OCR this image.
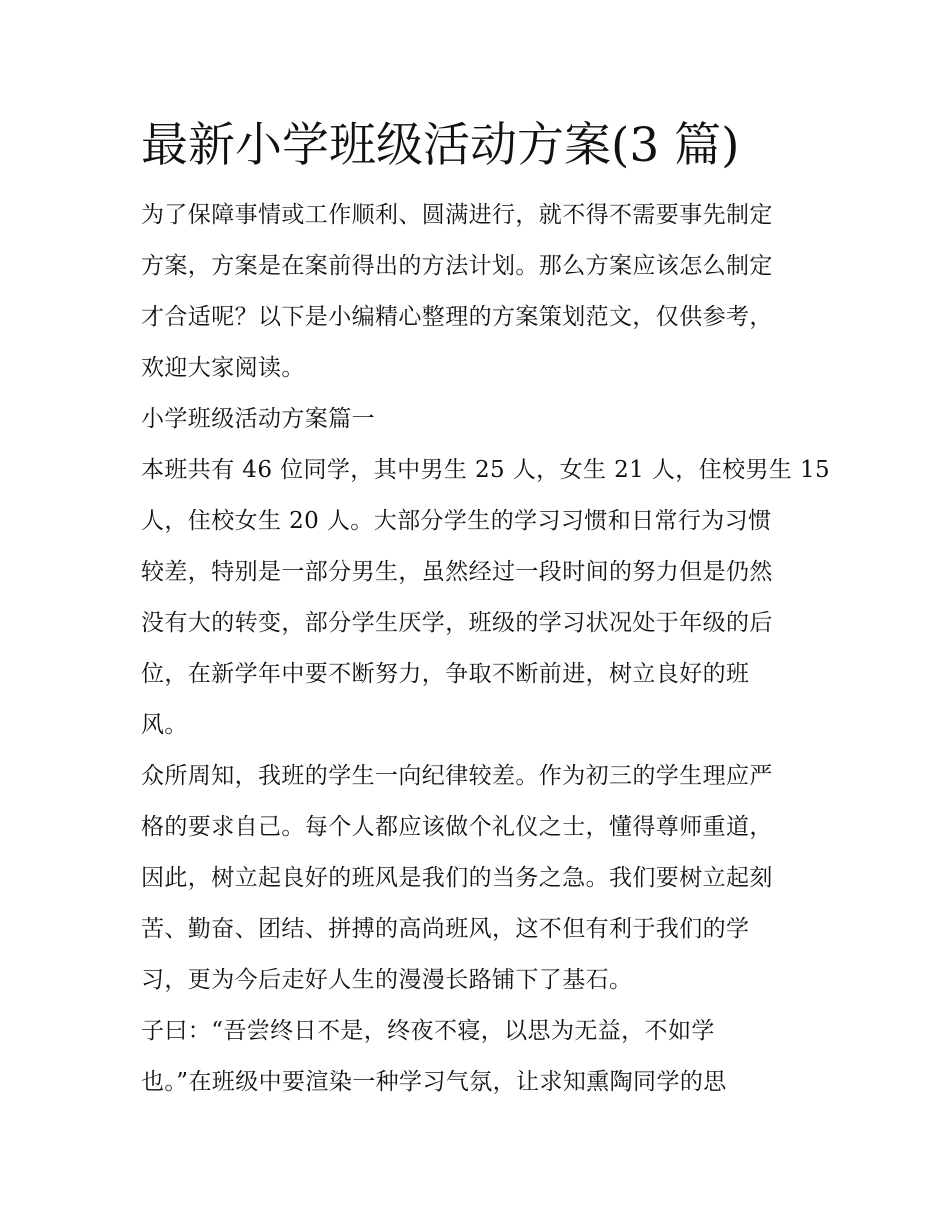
最新小学班级活动方案(3 篇)
为了保障事情或工作顺利、圆满进行，就不得不需要事先制定
方案，方案是在案前得出的方法计划。那么方案应该怎么制定
才合适呢？以下是小编精心整理的方案策划范文，仅供参考，
欢迎大家阅读。
小学班级活动方案篇一
本班共有 46 位同学，其中男生 25 人，女生 21 人，住校男生 15
人，住校女生 20 人。大部分学生的学习习惯和日常行为习惯
较差，特别是一部分男生，虽然经过一段时间的努力但是仍然
没有大的转变，部分学生厌学，班级的学习状况处于年级的后
位，在新学年中要不断努力，争取不断前进，树立良好的班
风。
众所周知，我班的学生一向纪律较差。作为初三的学生理应严
格的要求自己。每个人都应该做个礼仪之士，懂得尊师重道，
因此，树立起良好的班风是我们的当务之急。我们要树立起刻
苦、勤奋、团结、拼搏的高尚班风，这不但有利于我们的学
习，更为今后走好人生的漫漫长路铺下了基石。
子曰：“吾尝终日不是，终夜不寝，以思为无益，不如学
也。”在班级中要渲染一种学习气氛，让求知熏陶同学的思
